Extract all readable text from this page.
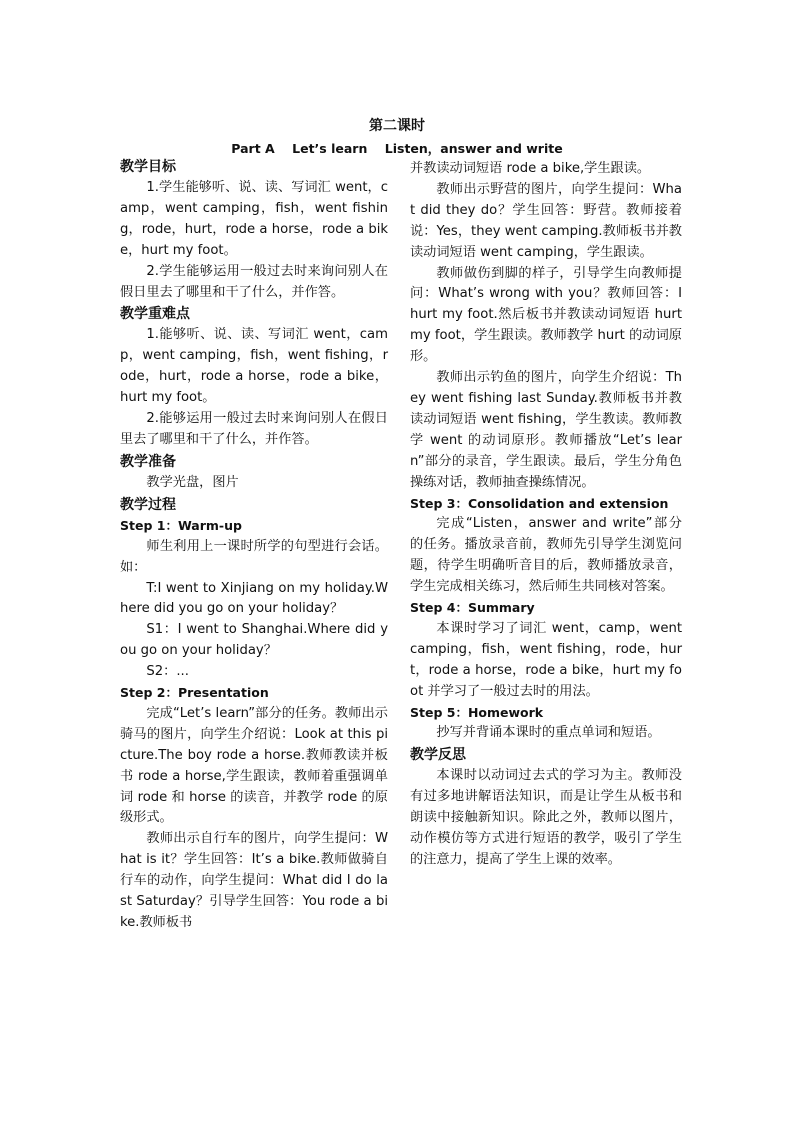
第二课时
Part A    Let’s learn    Listen，answer and write

教学目标

1.学生能够听、说、读、写词汇 went，camp，went camping，fish，went fishing，rode，hurt，rode a horse，rode a bike，hurt my foot。

2.学生能够运用一般过去时来询问别人在假日里去了哪里和干了什么，并作答。

教学重难点

1.能够听、说、读、写词汇 went，camp，went camping，fish，went fishing，rode，hurt，rode a horse，rode a bike，hurt my foot。

2.能够运用一般过去时来询问别人在假日里去了哪里和干了什么，并作答。

教学准备

教学光盘，图片

教学过程

Step 1：Warm-up

师生利用上一课时所学的句型进行会话。如：

T:I went to Xinjiang on my holiday.Where did you go on your holiday？

S1：I went to Shanghai.Where did you go on your holiday？

S2：...

Step 2：Presentation

完成“Let’s learn”部分的任务。教师出示骑马的图片，向学生介绍说：Look at this picture.The boy rode a horse.教师教读并板书 rode a horse,学生跟读，教师着重强调单词 rode 和 horse 的读音，并教学 rode 的原级形式。

教师出示自行车的图片，向学生提问：What is it？学生回答：It’s a bike.教师做骑自行车的动作，向学生提问：What did I do last Saturday？引导学生回答：You rode a bike.教师板书

并教读动词短语 rode a bike,学生跟读。

教师出示野营的图片，向学生提问：What did they do？学生回答：野营。教师接着说：Yes，they went camping.教师板书并教读动词短语 went camping，学生跟读。

教师做伤到脚的样子，引导学生向教师提问：What’s wrong with you？教师回答：I hurt my foot.然后板书并教读动词短语 hurt my foot，学生跟读。教师教学 hurt 的动词原形。

教师出示钓鱼的图片，向学生介绍说：They went fishing last Sunday.教师板书并教读动词短语 went fishing，学生教读。教师教学 went 的动词原形。教师播放“Let’s learn”部分的录音，学生跟读。最后，学生分角色操练对话，教师抽查操练情况。

Step 3：Consolidation and extension

完成“Listen，answer and write”部分的任务。播放录音前，教师先引导学生浏览问题，待学生明确听音目的后，教师播放录音，学生完成相关练习，然后师生共同核对答案。

Step 4：Summary

本课时学习了词汇 went，camp，went camping，fish，went fishing，rode，hurt，rode a horse，rode a bike，hurt my foot 并学习了一般过去时的用法。

Step 5：Homework

抄写并背诵本课时的重点单词和短语。

教学反思

本课时以动词过去式的学习为主。教师没有过多地讲解语法知识，而是让学生从板书和朗读中接触新知识。除此之外，教师以图片，动作模仿等方式进行短语的教学，吸引了学生的注意力，提高了学生上课的效率。
